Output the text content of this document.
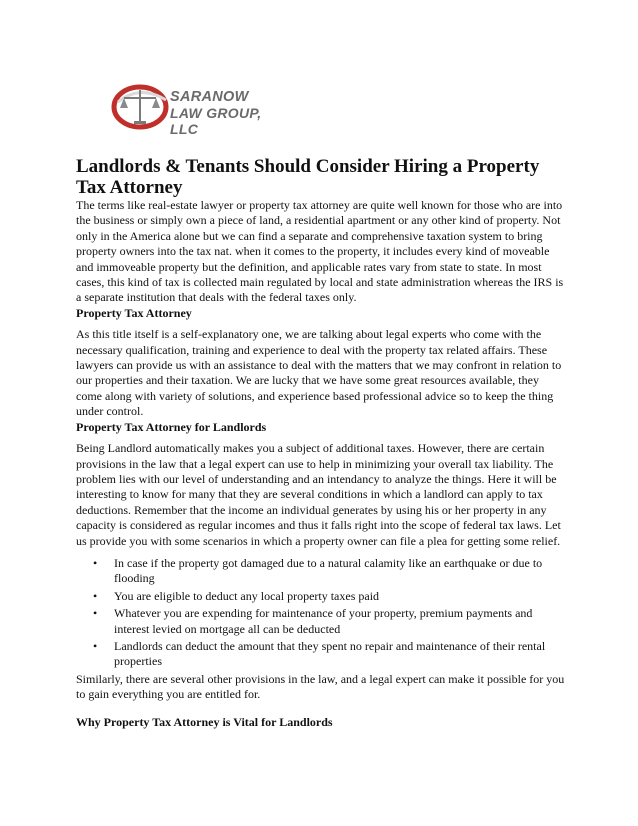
SARANOW
LAW GROUP, LLC
Landlords & Tenants Should Consider Hiring a Property Tax Attorney

The terms like real-estate lawyer or property tax attorney are quite well known for those who are into the business or simply own a piece of land, a residential apartment or any other kind of property. Not only in the America alone but we can find a separate and comprehensive taxation system to bring property owners into the tax nat. when it comes to the property, it includes every kind of moveable and immoveable property but the definition, and applicable rates vary from state to state. In most cases, this kind of tax is collected main regulated by local and state administration whereas the IRS is a separate institution that deals with the federal taxes only.

Property Tax Attorney

As this title itself is a self-explanatory one, we are talking about legal experts who come with the necessary qualification, training and experience to deal with the property tax related affairs. These lawyers can provide us with an assistance to deal with the matters that we may confront in relation to our properties and their taxation. We are lucky that we have some great resources available, they come along with variety of solutions, and experience based professional advice so to keep the thing under control.

Property Tax Attorney for Landlords

Being Landlord automatically makes you a subject of additional taxes. However, there are certain provisions in the law that a legal expert can use to help in minimizing your overall tax liability. The problem lies with our level of understanding and an intendancy to analyze the things. Here it will be interesting to know for many that they are several conditions in which a landlord can apply to tax deductions. Remember that the income an individual generates by using his or her property in any capacity is considered as regular incomes and thus it falls right into the scope of federal tax laws. Let us provide you with some scenarios in which a property owner can file a plea for getting some relief.

• In case if the property got damaged due to a natural calamity like an earthquake or due to flooding
• You are eligible to deduct any local property taxes paid
• Whatever you are expending for maintenance of your property, premium payments and interest levied on mortgage all can be deducted
• Landlords can deduct the amount that they spent no repair and maintenance of their rental properties

Similarly, there are several other provisions in the law, and a legal expert can make it possible for you to gain everything you are entitled for.

Why Property Tax Attorney is Vital for Landlords
